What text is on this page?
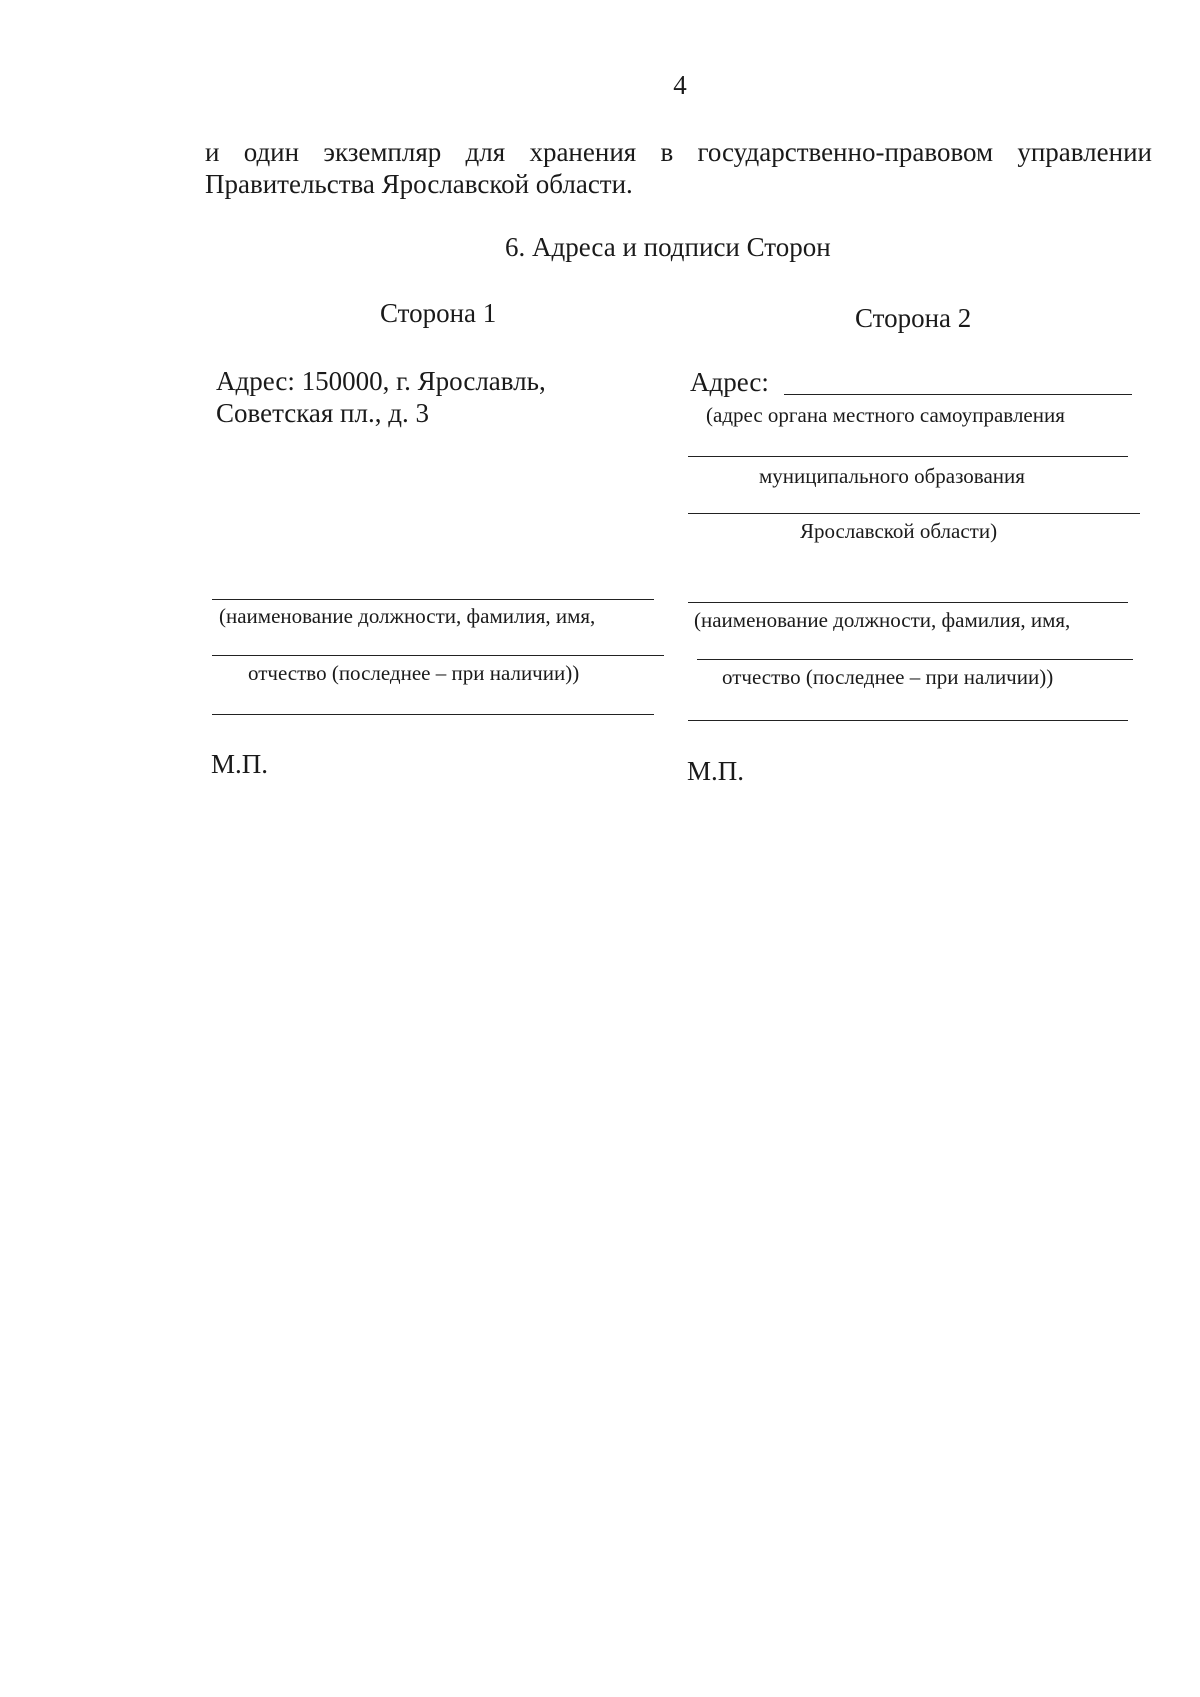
4

и один экземпляр для хранения в государственно-правовом управлении
Правительства Ярославской области.

6. Адреса и подписи Сторон
Сторона 1
Адрес: 150000, г. Ярославль,
Советская пл., д. 3
(наименование должности, фамилия, имя,
отчество (последнее – при наличии))
М.П.
Сторона 2
Адрес:
(адрес органа местного самоуправления
муниципального образования
Ярославской области)
(наименование должности, фамилия, имя,
отчество (последнее – при наличии))
М.П.
